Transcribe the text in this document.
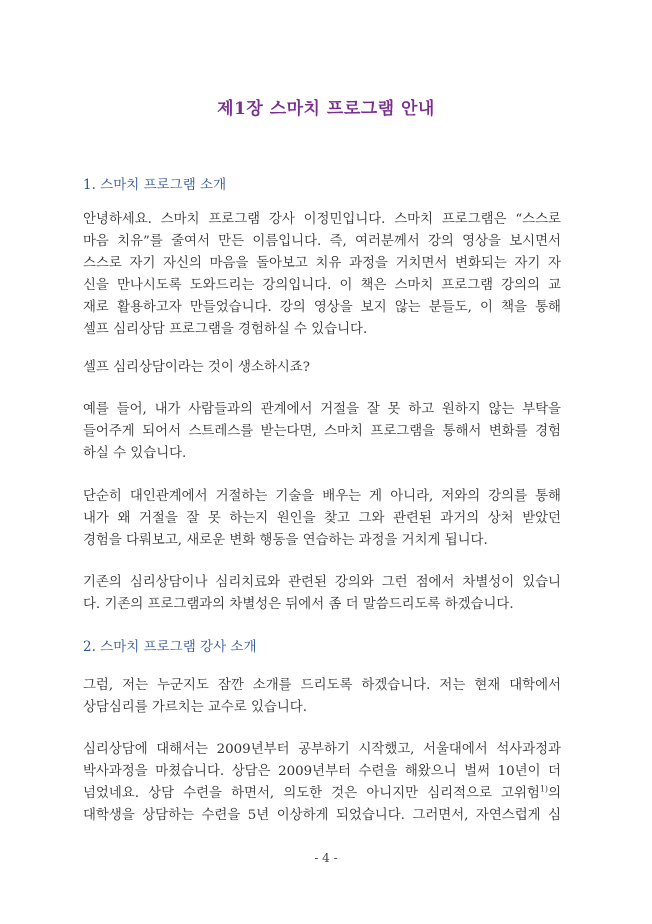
제1장 스마치 프로그램 안내
1. 스마치 프로그램 소개
안녕하세요. 스마치 프로그램 강사 이정민입니다. 스마치 프로그램은 “스스로
마음 치유”를 줄여서 만든 이름입니다. 즉, 여러분께서 강의 영상을 보시면서
스스로 자기 자신의 마음을 돌아보고 치유 과정을 거치면서 변화되는 자기 자
신을 만나시도록 도와드리는 강의입니다. 이 책은 스마치 프로그램 강의의 교
재로 활용하고자 만들었습니다. 강의 영상을 보지 않는 분들도, 이 책을 통해
셀프 심리상담 프로그램을 경험하실 수 있습니다.
셀프 심리상담이라는 것이 생소하시죠?
예를 들어, 내가 사람들과의 관계에서 거절을 잘 못 하고 원하지 않는 부탁을
들어주게 되어서 스트레스를 받는다면, 스마치 프로그램을 통해서 변화를 경험
하실 수 있습니다.
단순히 대인관계에서 거절하는 기술을 배우는 게 아니라, 저와의 강의를 통해
내가 왜 거절을 잘 못 하는지 원인을 찾고 그와 관련된 과거의 상처 받았던
경험을 다뤄보고, 새로운 변화 행동을 연습하는 과정을 거치게 됩니다.
기존의 심리상담이나 심리치료와 관련된 강의와 그런 점에서 차별성이 있습니
다. 기존의 프로그램과의 차별성은 뒤에서 좀 더 말씀드리도록 하겠습니다.
2. 스마치 프로그램 강사 소개
그럼, 저는 누군지도 잠깐 소개를 드리도록 하겠습니다. 저는 현재 대학에서
상담심리를 가르치는 교수로 있습니다.
심리상담에 대해서는 2009년부터 공부하기 시작했고, 서울대에서 석사과정과
박사과정을 마쳤습니다. 상담은 2009년부터 수련을 해왔으니 벌써 10년이 더
넘었네요. 상담 수련을 하면서, 의도한 것은 아니지만 심리적으로 고위험$^{1)}$의
대학생을 상담하는 수련을 5년 이상하게 되었습니다. 그러면서, 자연스럽게 심
- 4 -
